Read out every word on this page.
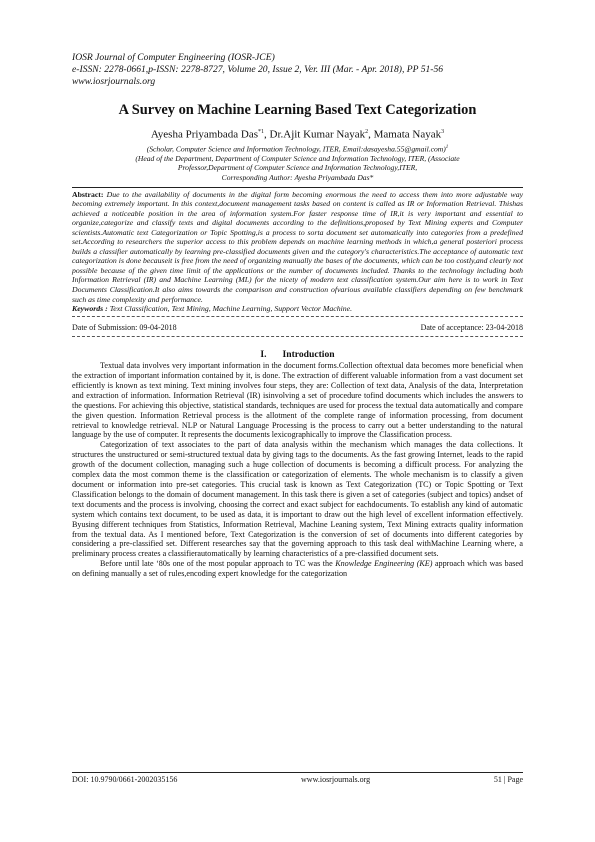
IOSR Journal of Computer Engineering (IOSR-JCE)
e-ISSN: 2278-0661,p-ISSN: 2278-8727, Volume 20, Issue 2, Ver. III (Mar. - Apr. 2018), PP 51-56
www.iosrjournals.org
A Survey on Machine Learning Based Text Categorization
Ayesha Priyambada Das$^{*1}$, Dr.Ajit Kumar Nayak$^2$, Mamata Nayak$^3$
(Scholar, Computer Science and Information Technology, ITER, Email:dasayesha.55@gmail.com)$^1$
(Head of the Department, Department of Computer Science and Information Technology, ITER, (Associate
Professor,Department of Computer Science and Information Technology,ITER,
Corresponding Author: Ayesha Priyambada Das*
Abstract: Due to the availability of documents in the digital form becoming enormous the need to access them into more adjustable way becoming extremely important. In this context,document management tasks based on content is called as IR or Information Retrieval. Thishas achieved a noticeable position in the area of information system.For faster response time of IR,it is very important and essential to organize,categorize and classify texts and digital documents according to the definitions,proposed by Text Mining experts and Computer scientists.Automatic text Categorization or Topic Spotting,is a process to sorta document set automatically into categories from a predefined set.According to researchers the superior access to this problem depends on machine learning methods in which,a general posteriori process builds a classifier automatically by learning pre-classified documents given and the category's characteristics.The acceptance of automatic text categorization is done becauseit is free from the need of organizing manually the bases of the documents, which can be too costly,and clearly not possible because of the given time limit of the applications or the number of documents included. Thanks to the technology including both Information Retrieval (IR) and Machine Learning (ML) for the nicety of modern text classification system.Our aim here is to work in Text Documents Classification.It also aims towards the comparison and construction ofvarious available classifiers depending on few benchmark such as time complexity and performance.
Keywords : Text Classification, Text Mining, Machine Learning, Support Vector Machine.
Date of Submission: 09-04-2018	Date of acceptance: 23-04-2018
I. Introduction

Textual data involves very important information in the document forms.Collection oftextual data becomes more beneficial when the extraction of important information contained by it, is done. The extraction of different valuable information from a vast document set efficiently is known as text mining. Text mining involves four steps, they are: Collection of text data, Analysis of the data, Interpretation and extraction of information. Information Retrieval (IR) isinvolving a set of procedure tofind documents which includes the answers to the questions. For achieving this objective, statistical standards, techniques are used for process the textual data automatically and compare the given question. Information Retrieval process is the allotment of the complete range of information processing, from document retrieval to knowledge retrieval. NLP or Natural Language Processing is the process to carry out a better understanding to the natural language by the use of computer. It represents the documents lexicographically to improve the Classification process.

Categorization of text associates to the part of data analysis within the mechanism which manages the data collections. It structures the unstructured or semi-structured textual data by giving tags to the documents. As the fast growing Internet, leads to the rapid growth of the document collection, managing such a huge collection of documents is becoming a difficult process. For analyzing the complex data the most common theme is the classification or categorization of elements. The whole mechanism is to classify a given document or information into pre-set categories. This crucial task is known as Text Categorization (TC) or Topic Spotting or Text Classification belongs to the domain of document management. In this task there is given a set of categories (subject and topics) andset of text documents and the process is involving, choosing the correct and exact subject for eachdocuments. To establish any kind of automatic system which contains text document, to be used as data, it is important to draw out the high level of excellent information effectively. Byusing different techniques from Statistics, Information Retrieval, Machine Leaning system, Text Mining extracts quality information from the textual data. As I mentioned before, Text Categorization is the conversion of set of documents into different categories by considering a pre-classified set. Different researches say that the governing approach to this task deal withMachine Learning where, a preliminary process creates a classifierautomatically by learning characteristics of a pre-classified document sets.

Before until late ‘80s one of the most popular approach to TC was the Knowledge Engineering (KE) approach which was based on defining manually a set of rules,encoding expert knowledge for the categorization

DOI: 10.9790/0661-2002035156	www.iosrjournals.org	51 | Page
